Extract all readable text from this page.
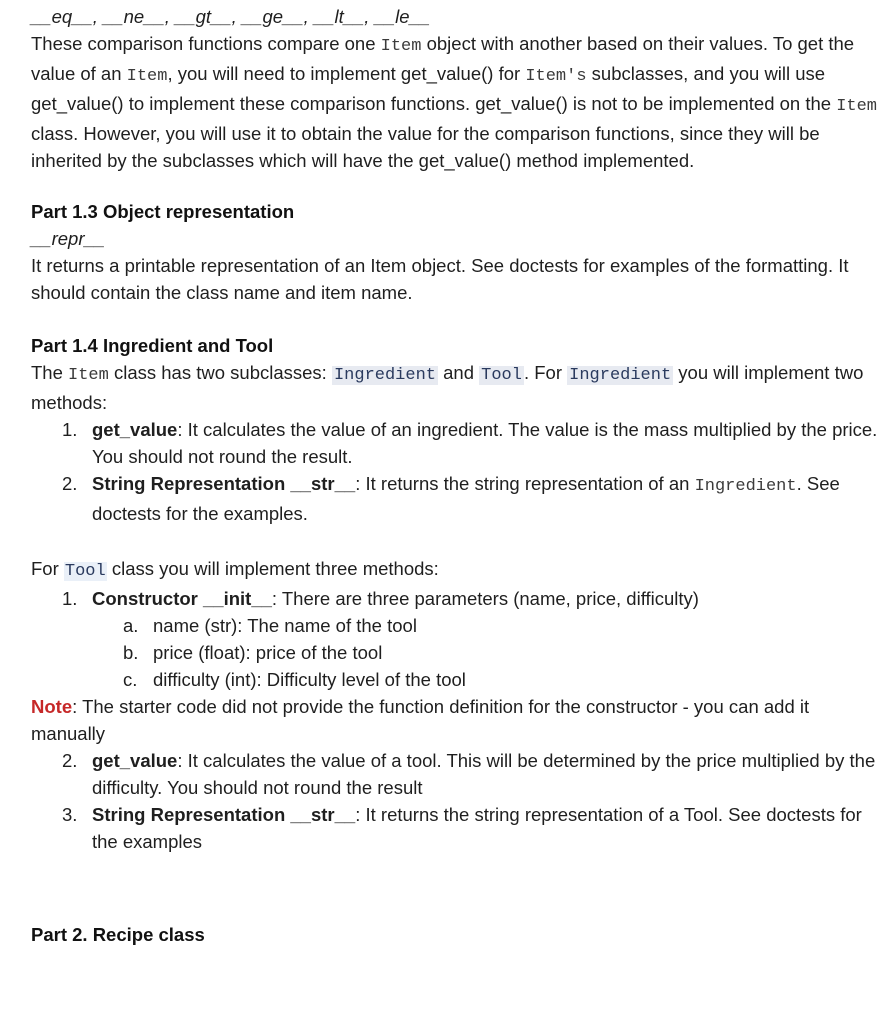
__eq__, __ne__, __gt__, __ge__, __lt__, __le__

These comparison functions compare one Item object with another based on their values. To get the value of an Item, you will need to implement get_value() for Item's subclasses, and you will use get_value() to implement these comparison functions. get_value() is not to be implemented on the Item class. However, you will use it to obtain the value for the comparison functions, since they will be inherited by the subclasses which will have the get_value() method implemented.

Part 1.3 Object representation

__repr__

It returns a printable representation of an Item object. See doctests for examples of the formatting. It should contain the class name and item name.

Part 1.4 Ingredient and Tool

The Item class has two subclasses: Ingredient and Tool . For Ingredient you will implement two methods:

1. get_value: It calculates the value of an ingredient. The value is the mass multiplied by the price. You should not round the result.
2. String Representation __str__: It returns the string representation of an Ingredient. See doctests for the examples.

For Tool class you will implement three methods:

1. Constructor __init__: There are three parameters (name, price, difficulty)
a. name (str): The name of the tool
b. price (float): price of the tool
c. difficulty (int): Difficulty level of the tool

Note: The starter code did not provide the function definition for the constructor - you can add it manually

2. get_value: It calculates the value of a tool. This will be determined by the price multiplied by the difficulty. You should not round the result
3. String Representation __str__: It returns the string representation of a Tool. See doctests for the examples

Part 2. Recipe class
